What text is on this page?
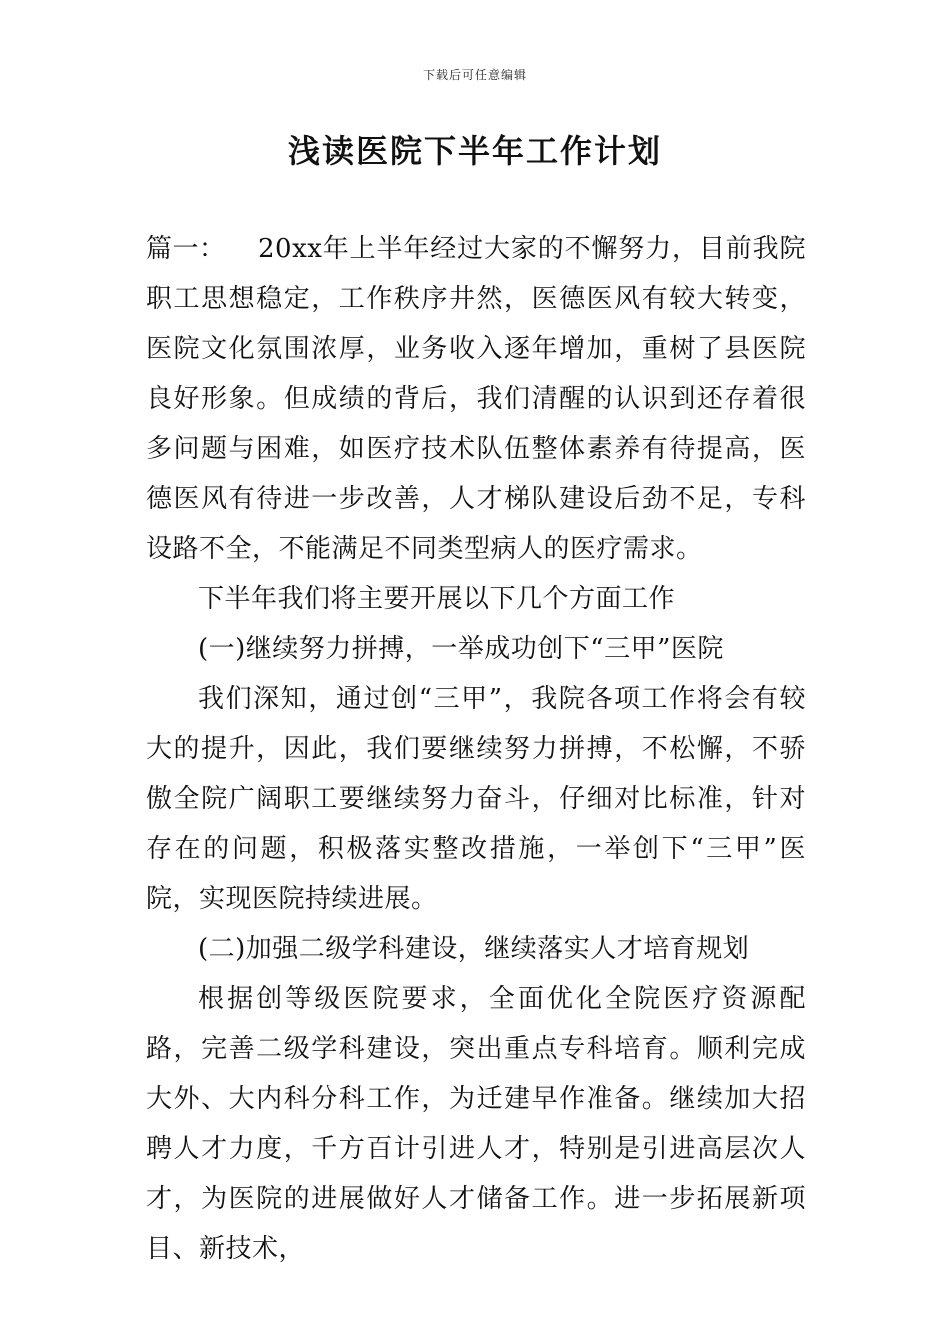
下载后可任意编辑
浅读医院下半年工作计划

篇一： 20xx年上半年经过大家的不懈努力，目前我院职工思想稳定，工作秩序井然，医德医风有较大转变，医院文化氛围浓厚，业务收入逐年增加，重树了县医院良好形象。但成绩的背后，我们清醒的认识到还存着很多问题与困难，如医疗技术队伍整体素养有待提高，医德医风有待进一步改善，人才梯队建设后劲不足，专科设路不全，不能满足不同类型病人的医疗需求。

下半年我们将主要开展以下几个方面工作

(一)继续努力拼搏，一举成功创下“三甲”医院

我们深知，通过创“三甲”，我院各项工作将会有较大的提升，因此，我们要继续努力拼搏，不松懈，不骄傲全院广阔职工要继续努力奋斗，仔细对比标准，针对存在的问题，积极落实整改措施，一举创下“三甲”医院，实现医院持续进展。

(二)加强二级学科建设，继续落实人才培育规划

根据创等级医院要求，全面优化全院医疗资源配路，完善二级学科建设，突出重点专科培育。顺利完成大外、大内科分科工作，为迁建早作准备。继续加大招聘人才力度，千方百计引进人才，特别是引进高层次人才，为医院的进展做好人才储备工作。进一步拓展新项目、新技术，
